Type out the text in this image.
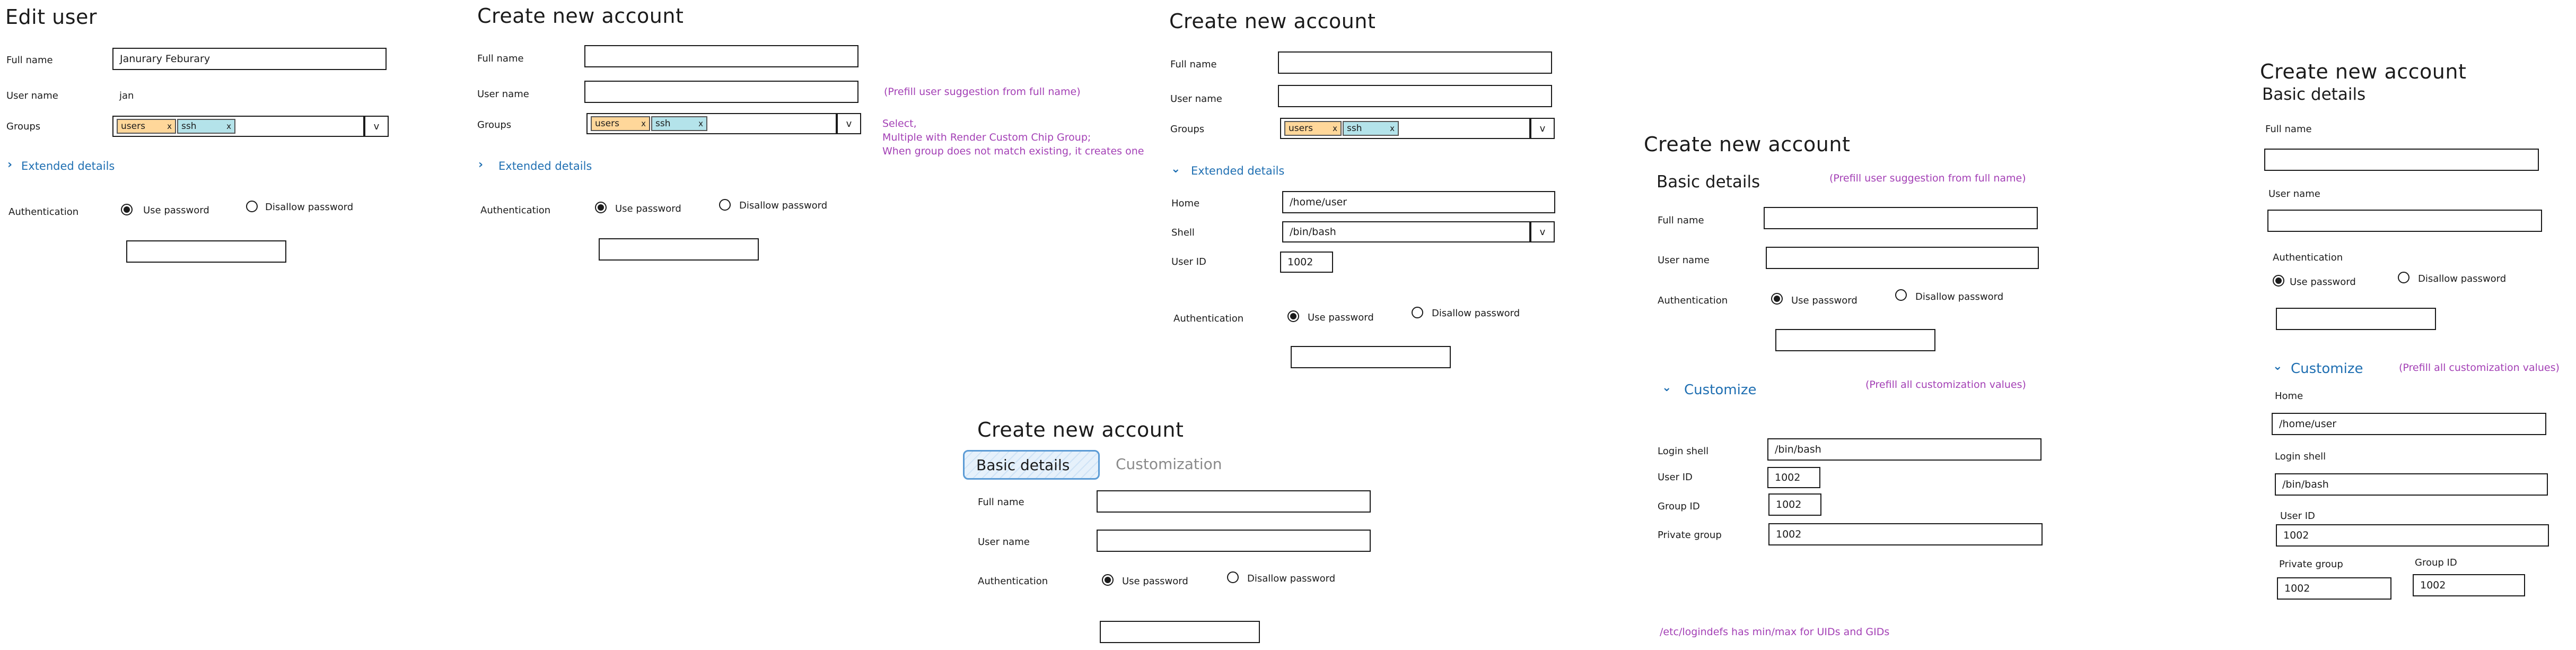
Edit user
Full name	Janurary Feburary
User name	jan
Groups	users	x ssh	x	v
› Extended details
Authentication	Use password	Disallow password
Create new account
Full name
User name	(Prefill user suggestion from full name)
Groups	users	x ssh	x	v	Select,
Multiple with Render Custom Chip Group;
When group does not match existing, it creates one
› Extended details
Authentication	Use password	Disallow password
Create new account
Full name
User name
Groups	users x ssh	x	v
⌄ Extended details
Home	/home/user
Shell	/bin/bash	v
User ID	1002
Authentication	Use password	Disallow password
Create new account
Basic details	Customization
Full name
User name
Authentication	Use password	Disallow password
Create new account
Basic details	(Prefill user suggestion from full name)
Full name
User name
Authentication	Use password	Disallow password
⌄ Customize	(Prefill all customization values)
Login shell	/bin/bash
User ID	1002
Group ID	1002
Private group	1002
/etc/logindefs has min/max for UIDs and GIDs
Create new account
Basic details
Full name
User name
Authentication
Use password	Disallow password
⌄ Customize	(Prefill all customization values)
Home
/home/user
Login shell
/bin/bash
User ID
1002
Private group
1002
Group ID
1002
